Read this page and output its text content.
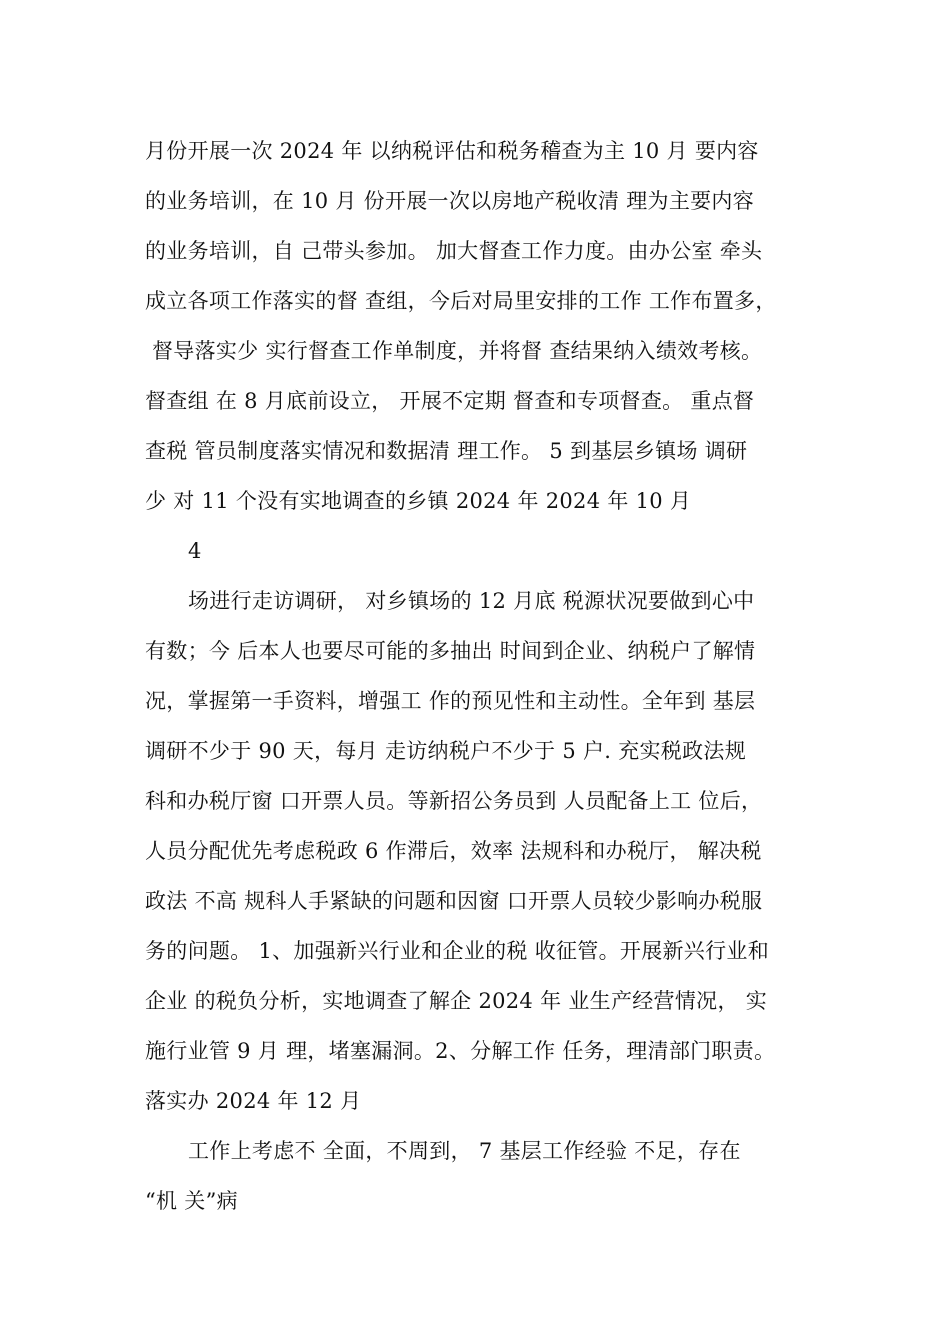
月份开展一次 2024 年 以纳税评估和税务稽查为主 10 月 要内容
的业务培训，在 10 月 份开展一次以房地产税收清 理为主要内容
的业务培训，自 己带头参加。 加大督查工作力度。由办公室 牵头
成立各项工作落实的督 查组，今后对局里安排的工作 工作布置多，
督导落实少 实行督查工作单制度，并将督 查结果纳入绩效考核。
督查组 在 8 月底前设立， 开展不定期 督查和专项督查。 重点督
查税 管员制度落实情况和数据清 理工作。 5 到基层乡镇场 调研
少 对 11 个没有实地调查的乡镇 2024 年 2024 年 10 月
4
场进行走访调研， 对乡镇场的 12 月底 税源状况要做到心中
有数；今 后本人也要尽可能的多抽出 时间到企业、纳税户了解情
况，掌握第一手资料，增强工 作的预见性和主动性。全年到 基层
调研不少于 90 天，每月 走访纳税户不少于 5 户. 充实税政法规
科和办税厅窗 口开票人员。等新招公务员到 人员配备上工 位后，
人员分配优先考虑税政 6 作滞后，效率 法规科和办税厅， 解决税
政法 不高 规科人手紧缺的问题和因窗 口开票人员较少影响办税服
务的问题。 1、加强新兴行业和企业的税 收征管。开展新兴行业和
企业 的税负分析，实地调查了解企 2024 年 业生产经营情况， 实
施行业管 9 月 理，堵塞漏洞。2、分解工作 任务，理清部门职责。
落实办 2024 年 12 月
工作上考虑不 全面，不周到， 7 基层工作经验 不足，存在
“机 关”病
